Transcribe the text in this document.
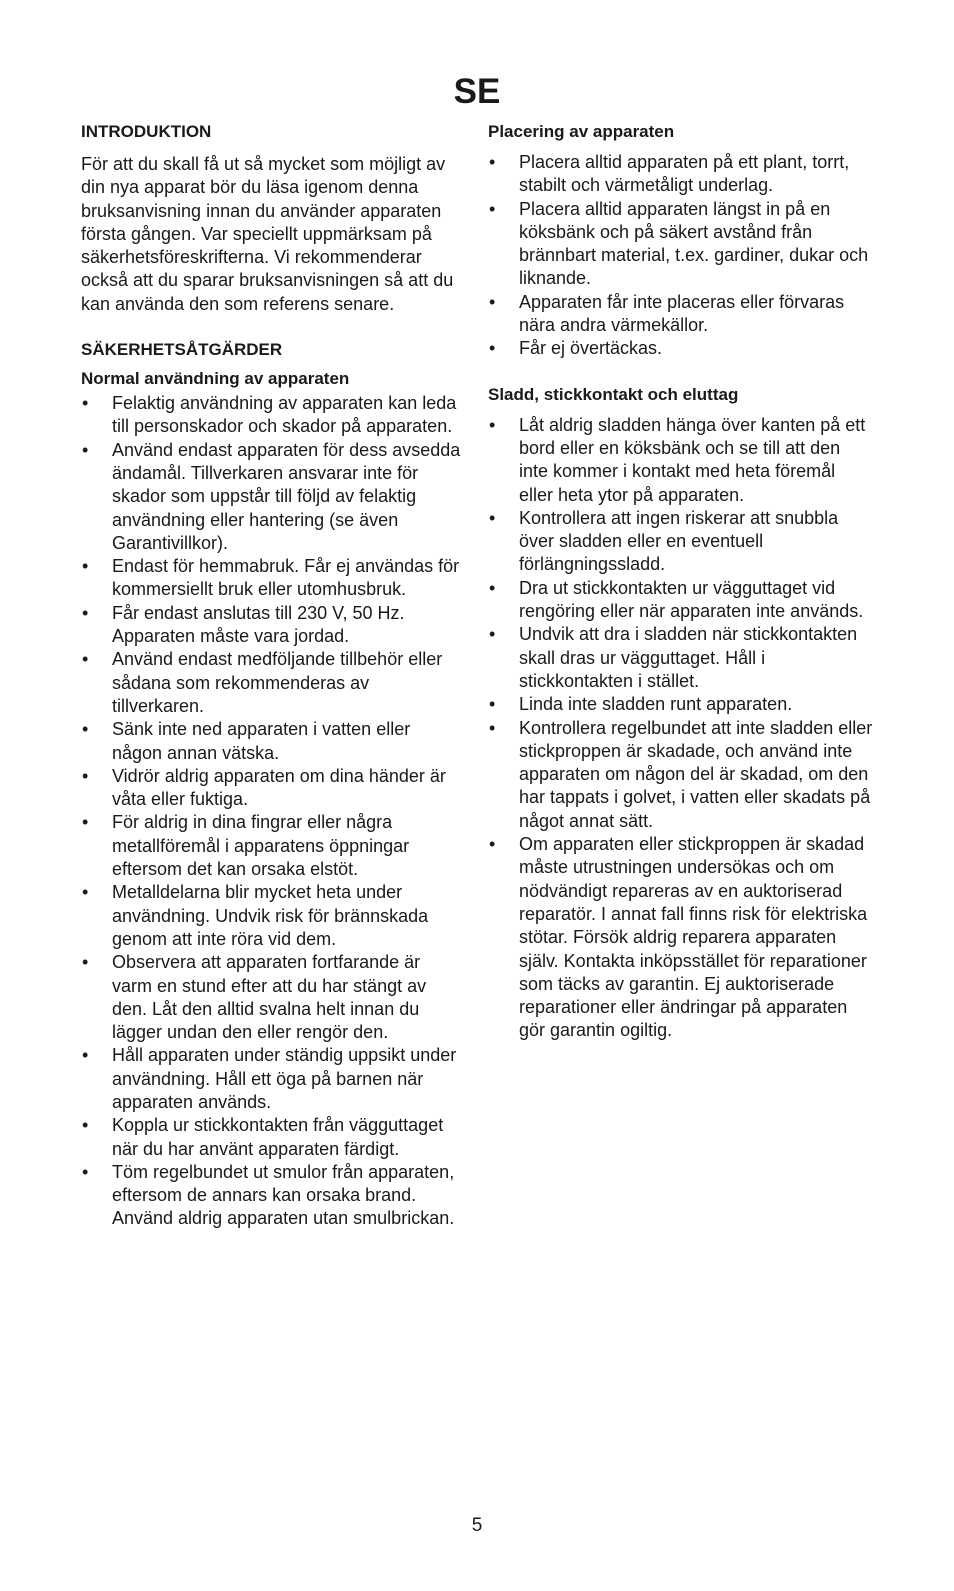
SE
INTRODUKTION

För att du skall få ut så mycket som möjligt av din nya apparat bör du läsa igenom denna bruksanvisning innan du använder apparaten första gången. Var speciellt uppmärksam på säkerhetsföreskrifterna. Vi rekommenderar också att du sparar bruksanvisningen så att du kan använda den som referens senare.

SÄKERHETSÅTGÄRDER
Normal användning av apparaten
• Felaktig användning av apparaten kan leda till personskador och skador på apparaten.
• Använd endast apparaten för dess avsedda ändamål. Tillverkaren ansvarar inte för skador som uppstår till följd av felaktig användning eller hantering (se även Garantivillkor).
• Endast för hemmabruk. Får ej användas för kommersiellt bruk eller utomhusbruk.
• Får endast anslutas till 230 V, 50 Hz. Apparaten måste vara jordad.
• Använd endast medföljande tillbehör eller sådana som rekommenderas av tillverkaren.
• Sänk inte ned apparaten i vatten eller någon annan vätska.
• Vidrör aldrig apparaten om dina händer är våta eller fuktiga.
• För aldrig in dina fingrar eller några metallföremål i apparatens öppningar eftersom det kan orsaka elstöt.
• Metalldelarna blir mycket heta under användning. Undvik risk för brännskada genom att inte röra vid dem.
• Observera att apparaten fortfarande är varm en stund efter att du har stängt av den. Låt den alltid svalna helt innan du lägger undan den eller rengör den.
• Håll apparaten under ständig uppsikt under användning. Håll ett öga på barnen när apparaten används.
• Koppla ur stickkontakten från vägguttaget när du har använt apparaten färdigt.
• Töm regelbundet ut smulor från apparaten, eftersom de annars kan orsaka brand. Använd aldrig apparaten utan smulbrickan.
Placering av apparaten
• Placera alltid apparaten på ett plant, torrt, stabilt och värmetåligt underlag.
• Placera alltid apparaten längst in på en köksbänk och på säkert avstånd från brännbart material, t.ex. gardiner, dukar och liknande.
• Apparaten får inte placeras eller förvaras nära andra värmekällor.
• Får ej övertäckas.
Sladd, stickkontakt och eluttag
• Låt aldrig sladden hänga över kanten på ett bord eller en köksbänk och se till att den inte kommer i kontakt med heta föremål eller heta ytor på apparaten.
• Kontrollera att ingen riskerar att snubbla över sladden eller en eventuell förlängningssladd.
• Dra ut stickkontakten ur vägguttaget vid rengöring eller när apparaten inte används.
• Undvik att dra i sladden när stickkontakten skall dras ur vägguttaget. Håll i stickkontakten i stället.
• Linda inte sladden runt apparaten.
• Kontrollera regelbundet att inte sladden eller stickproppen är skadade, och använd inte apparaten om någon del är skadad, om den har tappats i golvet, i vatten eller skadats på något annat sätt.
• Om apparaten eller stickproppen är skadad måste utrustningen undersökas och om nödvändigt repareras av en auktoriserad reparatör. I annat fall finns risk för elektriska stötar. Försök aldrig reparera apparaten själv. Kontakta inköpsstället för reparationer som täcks av garantin. Ej auktoriserade reparationer eller ändringar på apparaten gör garantin ogiltig.
5
